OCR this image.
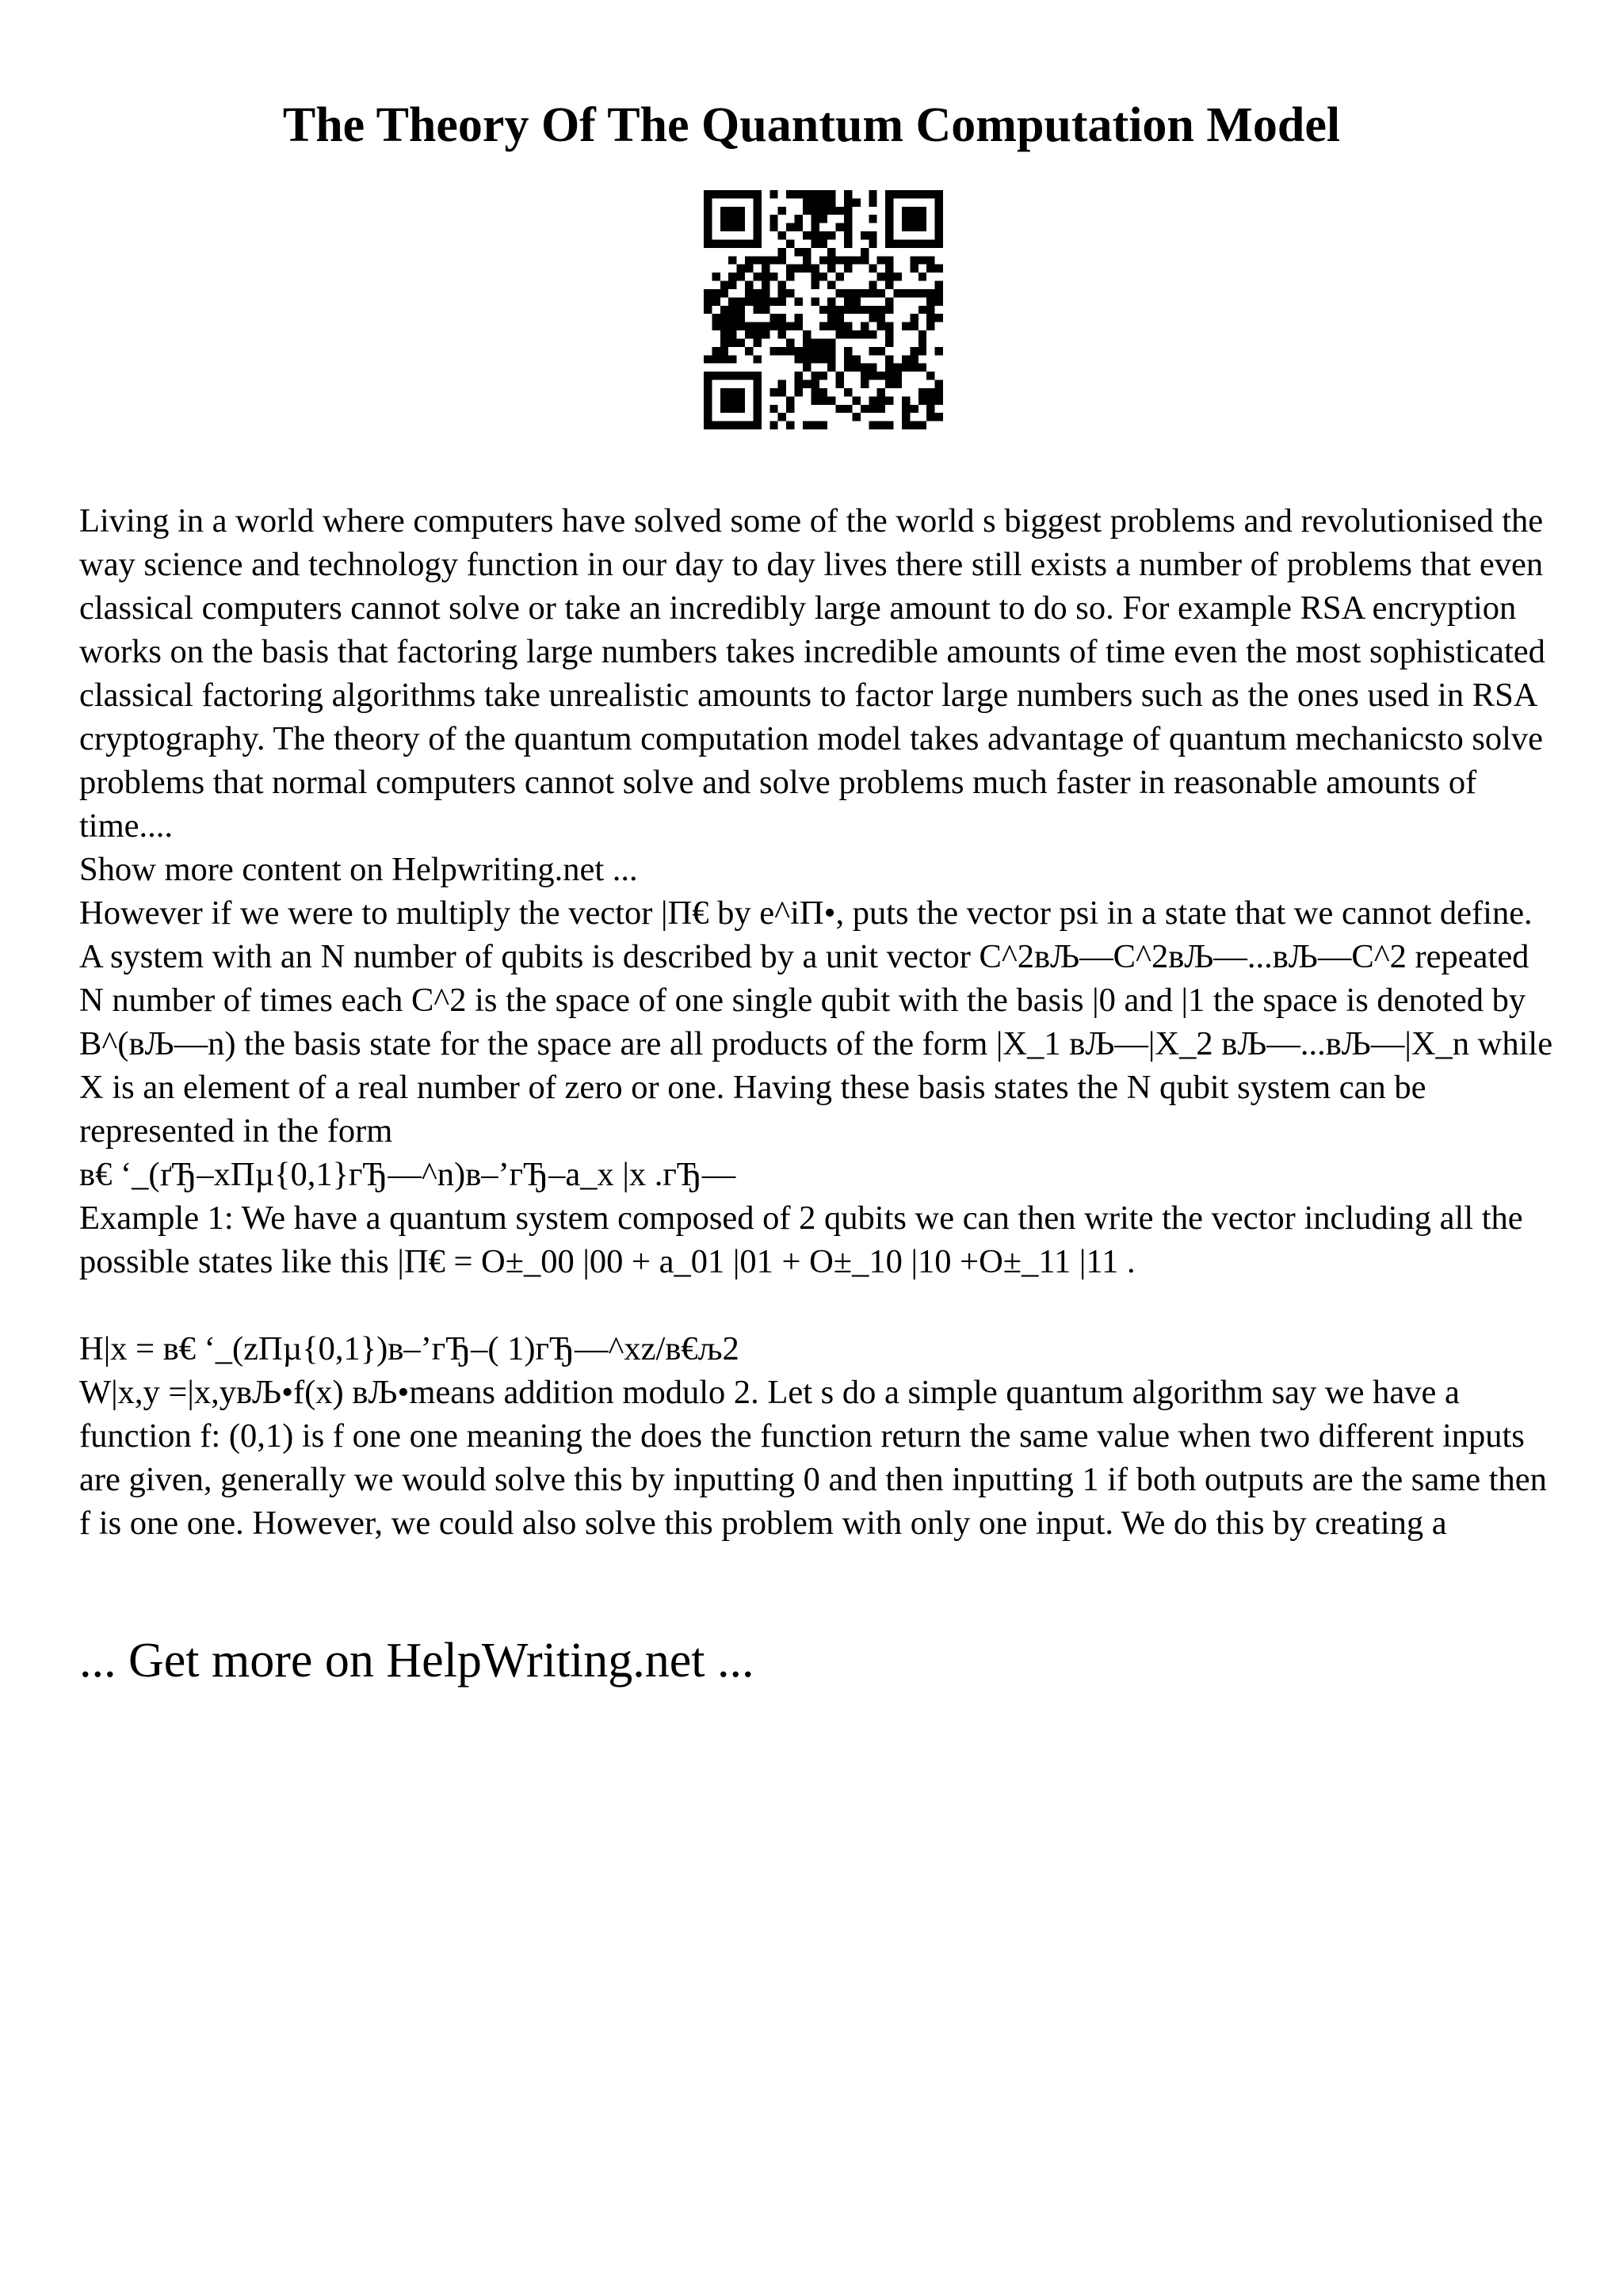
The Theory Of The Quantum Computation Model

Living in a world where computers have solved some of the world s biggest problems and revolutionised the way science and technology function in our day to day lives there still exists a number of problems that even classical computers cannot solve or take an incredibly large amount to do so. For example RSA encryption works on the basis that factoring large numbers takes incredible amounts of time even the most sophisticated classical factoring algorithms take unrealistic amounts to factor large numbers such as the ones used in RSA cryptography. The theory of the quantum computation model takes advantage of quantum mechanicsto solve problems that normal computers cannot solve and solve problems much faster in reasonable amounts of time....

Show more content on Helpwriting.net ...

However if we were to multiply the vector |П€ by e^iП•, puts the vector psi in a state that we cannot define. A system with an N number of qubits is described by a unit vector C^2вЉ—C^2вЉ—...вЉ—C^2 repeated N number of times each C^2 is the space of one single qubit with the basis |0 and |1 the space is denoted by B^(вЉ—n) the basis state for the space are all products of the form |X_1 вЉ—|X_2 вЉ—...вЉ—|X_n while X is an element of a real number of zero or one. Having these basis states the N qubit system can be represented in the form

в€ ‘_(ґЂ–xПµ{0,1}гЂ—^n)в–’гЂ–a_x |x .гЂ—

Example 1: We have a quantum system composed of 2 qubits we can then write the vector including all the possible states like this |П€ = О±_00 |00 + a_01 |01 + О±_10 |10 +О±_11 |11 .

H|x = в€ ‘_(zПµ{0,1})в–’гЂ–( 1)гЂ—^xz/в€љ2

W|x,y =|x,yвЉ•f(x) вЉ•means addition modulo 2. Let s do a simple quantum algorithm say we have a function f: (0,1) is f one one meaning the does the function return the same value when two different inputs are given, generally we would solve this by inputting 0 and then inputting 1 if both outputs are the same then f is one one. However, we could also solve this problem with only one input. We do this by creating a

... Get more on HelpWriting.net ...
